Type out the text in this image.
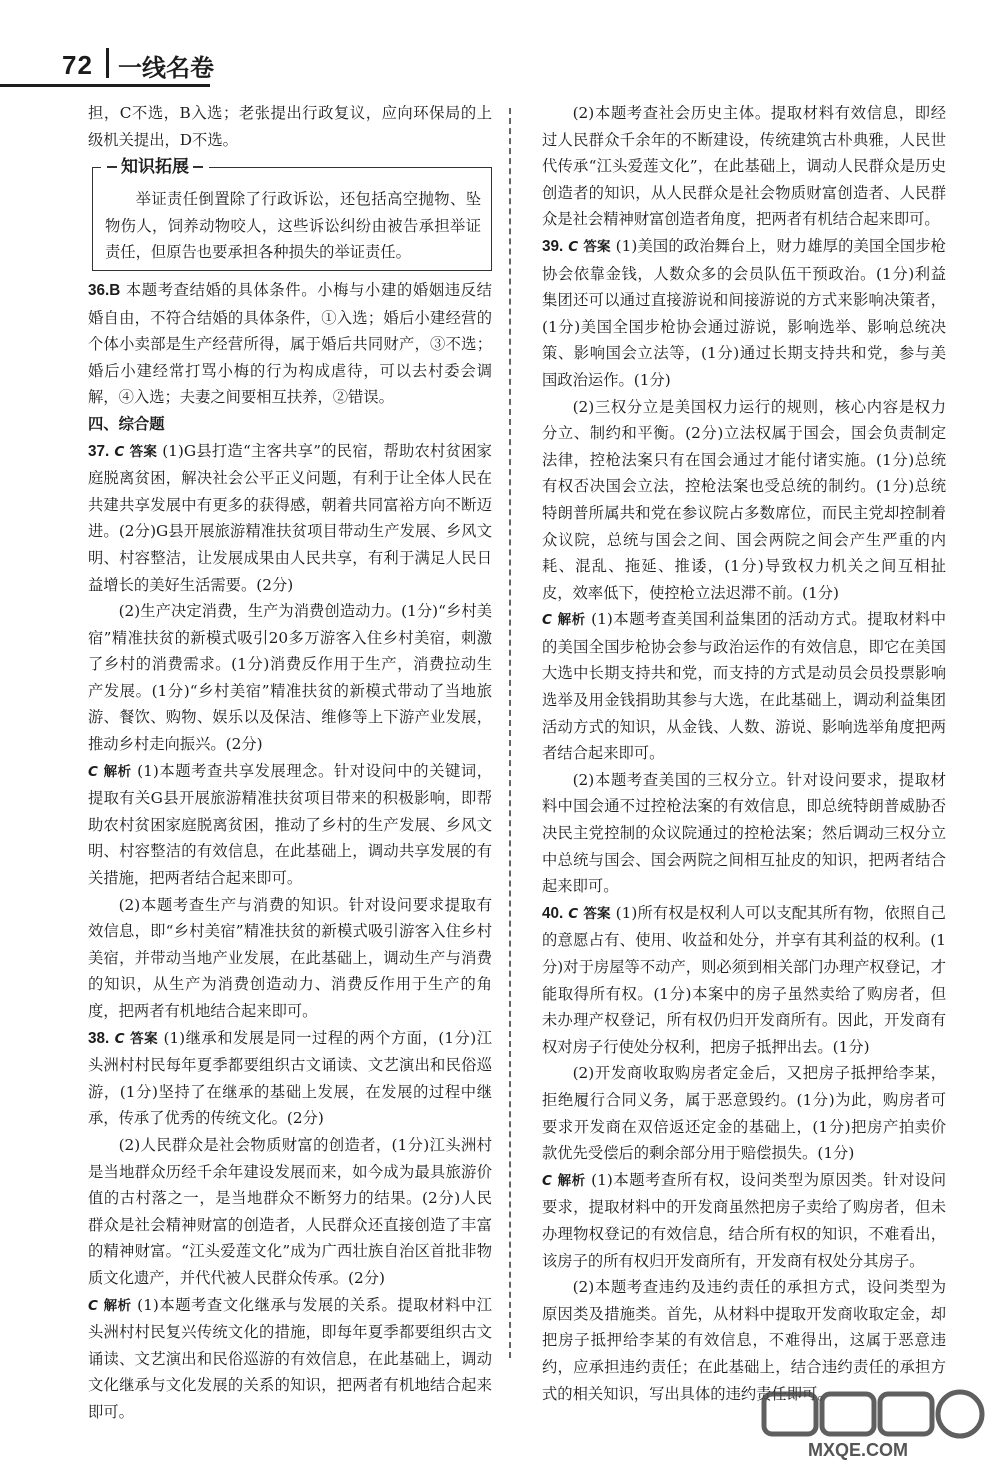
72 一线名卷

担，C不选，B入选；老张提出行政复议，应向环保局的上级机关提出，D不选。

知识拓展

举证责任倒置除了行政诉讼，还包括高空抛物、坠物伤人，饲养动物咬人，这些诉讼纠纷由被告承担举证责任，但原告也要承担各种损失的举证责任。

36.B 本题考查结婚的具体条件。小梅与小建的婚姻违反结婚自由，不符合结婚的具体条件，①入选；婚后小建经营的个体小卖部是生产经营所得，属于婚后共同财产，③不选；婚后小建经常打骂小梅的行为构成虐待，可以去村委会调解，④入选；夫妻之间要相互扶养，②错误。

四、综合题

37. C 答案 (1)G县打造“主客共享”的民宿，帮助农村贫困家庭脱离贫困，解决社会公平正义问题，有利于让全体人民在共建共享发展中有更多的获得感，朝着共同富裕方向不断迈进。(2分)G县开展旅游精准扶贫项目带动生产发展、乡风文明、村容整洁，让发展成果由人民共享，有利于满足人民日益增长的美好生活需要。(2分)

(2)生产决定消费，生产为消费创造动力。(1分)“乡村美宿”精准扶贫的新模式吸引20多万游客入住乡村美宿，刺激了乡村的消费需求。(1分)消费反作用于生产，消费拉动生产发展。(1分)“乡村美宿”精准扶贫的新模式带动了当地旅游、餐饮、购物、娱乐以及保洁、维修等上下游产业发展，推动乡村走向振兴。(2分)

C 解析 (1)本题考查共享发展理念。针对设问中的关键词，提取有关G县开展旅游精准扶贫项目带来的积极影响，即帮助农村贫困家庭脱离贫困，推动了乡村的生产发展、乡风文明、村容整洁的有效信息，在此基础上，调动共享发展的有关措施，把两者结合起来即可。

(2)本题考查生产与消费的知识。针对设问要求提取有效信息，即“乡村美宿”精准扶贫的新模式吸引游客入住乡村美宿，并带动当地产业发展，在此基础上，调动生产与消费的知识，从生产为消费创造动力、消费反作用于生产的角度，把两者有机地结合起来即可。

38. C 答案 (1)继承和发展是同一过程的两个方面，(1分)江头洲村村民每年夏季都要组织古文诵读、文艺演出和民俗巡游，(1分)坚持了在继承的基础上发展，在发展的过程中继承，传承了优秀的传统文化。(2分)

(2)人民群众是社会物质财富的创造者，(1分)江头洲村是当地群众历经千余年建设发展而来，如今成为最具旅游价值的古村落之一，是当地群众不断努力的结果。(2分)人民群众是社会精神财富的创造者，人民群众还直接创造了丰富的精神财富。“江头爱莲文化”成为广西壮族自治区首批非物质文化遗产，并代代被人民群众传承。(2分)

C 解析 (1)本题考查文化继承与发展的关系。提取材料中江头洲村村民复兴传统文化的措施，即每年夏季都要组织古文诵读、文艺演出和民俗巡游的有效信息，在此基础上，调动文化继承与文化发展的关系的知识，把两者有机地结合起来即可。

(2)本题考查社会历史主体。提取材料有效信息，即经过人民群众千余年的不断建设，传统建筑古朴典雅，人民世代传承“江头爱莲文化”，在此基础上，调动人民群众是历史创造者的知识，从人民群众是社会物质财富创造者、人民群众是社会精神财富创造者角度，把两者有机结合起来即可。

39. C 答案 (1)美国的政治舞台上，财力雄厚的美国全国步枪协会依靠金钱，人数众多的会员队伍干预政治。(1分)利益集团还可以通过直接游说和间接游说的方式来影响决策者，(1分)美国全国步枪协会通过游说，影响选举、影响总统决策、影响国会立法等，(1分)通过长期支持共和党，参与美国政治运作。(1分)

(2)三权分立是美国权力运行的规则，核心内容是权力分立、制约和平衡。(2分)立法权属于国会，国会负责制定法律，控枪法案只有在国会通过才能付诸实施。(1分)总统有权否决国会立法，控枪法案也受总统的制约。(1分)总统特朗普所属共和党在参议院占多数席位，而民主党却控制着众议院，总统与国会之间、国会两院之间会产生严重的内耗、混乱、拖延、推诿，(1分)导致权力机关之间互相扯皮，效率低下，使控枪立法迟滞不前。(1分)

C 解析 (1)本题考查美国利益集团的活动方式。提取材料中的美国全国步枪协会参与政治运作的有效信息，即它在美国大选中长期支持共和党，而支持的方式是动员会员投票影响选举及用金钱捐助其参与大选，在此基础上，调动利益集团活动方式的知识，从金钱、人数、游说、影响选举角度把两者结合起来即可。

(2)本题考查美国的三权分立。针对设问要求，提取材料中国会通不过控枪法案的有效信息，即总统特朗普威胁否决民主党控制的众议院通过的控枪法案；然后调动三权分立中总统与国会、国会两院之间相互扯皮的知识，把两者结合起来即可。

40. C 答案 (1)所有权是权利人可以支配其所有物，依照自己的意愿占有、使用、收益和处分，并享有其利益的权利。(1分)对于房屋等不动产，则必须到相关部门办理产权登记，才能取得所有权。(1分)本案中的房子虽然卖给了购房者，但未办理产权登记，所有权仍归开发商所有。因此，开发商有权对房子行使处分权利，把房子抵押出去。(1分)

(2)开发商收取购房者定金后，又把房子抵押给李某，拒绝履行合同义务，属于恶意毁约。(1分)为此，购房者可要求开发商在双倍返还定金的基础上，(1分)把房产拍卖价款优先受偿后的剩余部分用于赔偿损失。(1分)

C 解析 (1)本题考查所有权，设问类型为原因类。针对设问要求，提取材料中的开发商虽然把房子卖给了购房者，但未办理物权登记的有效信息，结合所有权的知识，不难看出，该房子的所有权归开发商所有，开发商有权处分其房子。

(2)本题考查违约及违约责任的承担方式，设问类型为原因类及措施类。首先，从材料中提取开发商收取定金，却把房子抵押给李某的有效信息，不难得出，这属于恶意违约，应承担违约责任；在此基础上，结合违约责任的承担方式的相关知识，写出具体的违约责任即可。

MXQE.COM
